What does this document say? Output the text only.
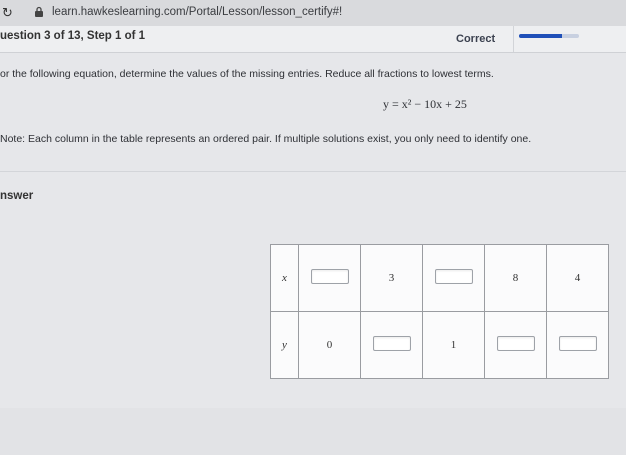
↻	learn.hawkeslearning.com/Portal/Lesson/lesson_certify#!
uestion 3 of 13, Step 1 of 1	Correct
or the following equation, determine the values of the missing entries. Reduce all fractions to lowest terms.
y = x² − 10x + 25
Note: Each column in the table represents an ordered pair. If multiple solutions exist, you only need to identify one.
nswer
x		3		8	4
y	0		1		
